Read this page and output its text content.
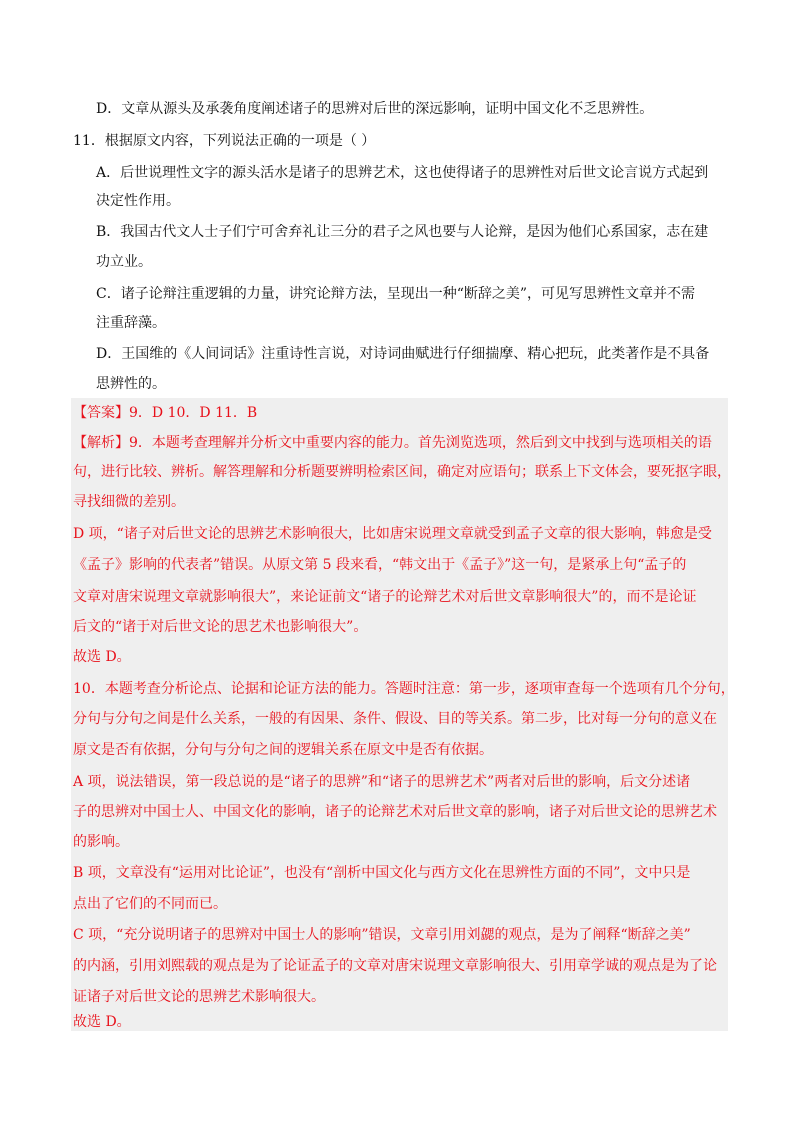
D．文章从源头及承袭角度阐述诸子的思辨对后世的深远影响，证明中国文化不乏思辨性。
11．根据原文内容，下列说法正确的一项是（ ）
A．后世说理性文字的源头活水是诸子的思辨艺术，这也使得诸子的思辨性对后世文论言说方式起到
决定性作用。
B．我国古代文人士子们宁可舍弃礼让三分的君子之风也要与人论辩，是因为他们心系国家，志在建
功立业。
C．诸子论辩注重逻辑的力量，讲究论辩方法，呈现出一种“断辞之美”，可见写思辨性文章并不需
注重辞藻。
D．王国维的《人间词话》注重诗性言说，对诗词曲赋进行仔细揣摩、精心把玩，此类著作是不具备
思辨性的。
【答案】9．D 10．D 11．B
【解析】9．本题考查理解并分析文中重要内容的能力。首先浏览选项，然后到文中找到与选项相关的语
句，进行比较、辨析。解答理解和分析题要辨明检索区间，确定对应语句；联系上下文体会，要死抠字眼，
寻找细微的差别。
D 项，“诸子对后世文论的思辨艺术影响很大，比如唐宋说理文章就受到孟子文章的很大影响，韩愈是受
《孟子》影响的代表者”错误。从原文第 5 段来看，“韩文出于《孟子》”这一句，是紧承上句“孟子的
文章对唐宋说理文章就影响很大”，来论证前文“诸子的论辩艺术对后世文章影响很大”的，而不是论证
后文的“诸于对后世文论的思艺术也影响很大”。
故选 D。
10．本题考查分析论点、论据和论证方法的能力。答题时注意：第一步，逐项审查每一个选项有几个分句，
分句与分句之间是什么关系，一般的有因果、条件、假设、目的等关系。第二步，比对每一分句的意义在
原文是否有依据，分句与分句之间的逻辑关系在原文中是否有依据。
A 项，说法错误，第一段总说的是“诸子的思辨”和“诸子的思辨艺术”两者对后世的影响，后文分述诸
子的思辨对中国士人、中国文化的影响，诸子的论辩艺术对后世文章的影响，诸子对后世文论的思辨艺术
的影响。
B 项，文章没有“运用对比论证”，也没有“剖析中国文化与西方文化在思辨性方面的不同”，文中只是
点出了它们的不同而已。
C 项，“充分说明诸子的思辨对中国士人的影响”错误，文章引用刘勰的观点，是为了阐释“断辞之美”
的内涵，引用刘熙载的观点是为了论证孟子的文章对唐宋说理文章影响很大、引用章学诚的观点是为了论
证诸子对后世文论的思辨艺术影响很大。
故选 D。
